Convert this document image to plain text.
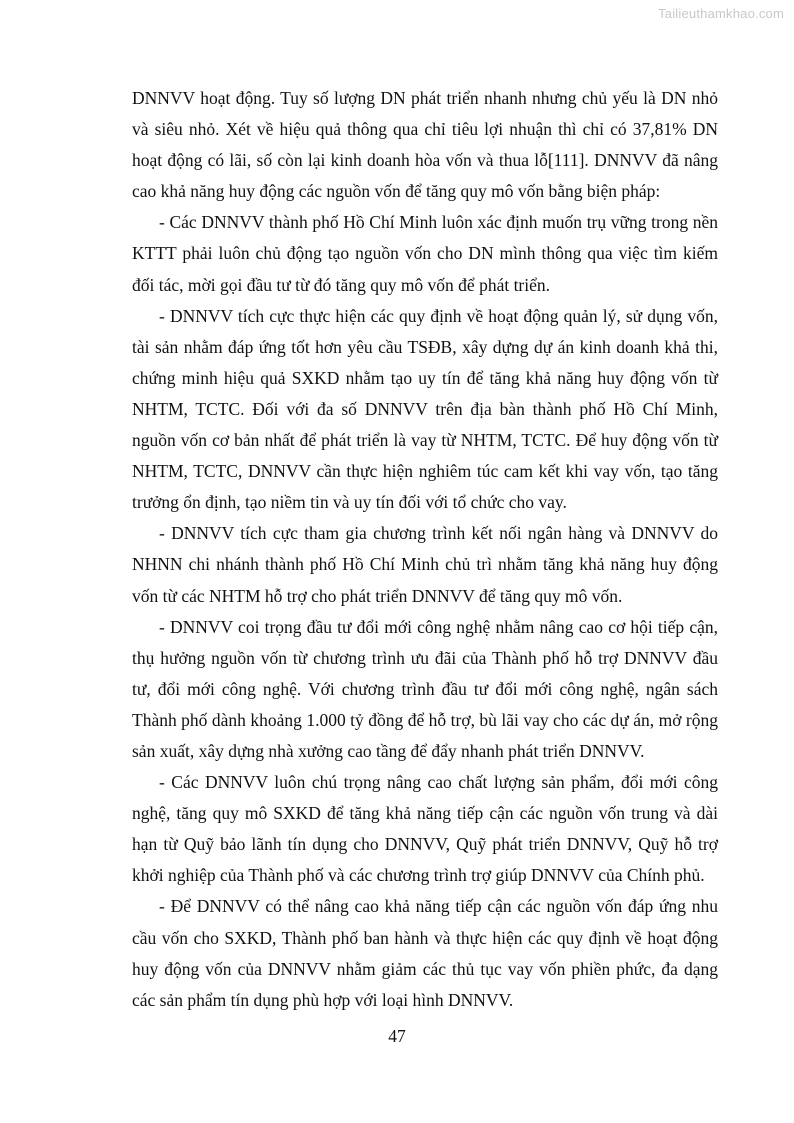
Tailieuthamkhao.com

DNNVV hoạt động. Tuy số lượng DN phát triển nhanh nhưng chủ yếu là DN nhỏ và siêu nhỏ. Xét về hiệu quả thông qua chỉ tiêu lợi nhuận thì chỉ có 37,81% DN hoạt động có lãi, số còn lại kinh doanh hòa vốn và thua lỗ[111]. DNNVV đã nâng cao khả năng huy động các nguồn vốn để tăng quy mô vốn bằng biện pháp:

- Các DNNVV thành phố Hồ Chí Minh luôn xác định muốn trụ vững trong nền KTTT phải luôn chủ động tạo nguồn vốn cho DN mình thông qua việc tìm kiếm đối tác, mời gọi đầu tư từ đó tăng quy mô vốn để phát triển.

- DNNVV tích cực thực hiện các quy định về hoạt động quản lý, sử dụng vốn, tài sản nhằm đáp ứng tốt hơn yêu cầu TSĐB, xây dựng dự án kinh doanh khả thi, chứng minh hiệu quả SXKD nhằm tạo uy tín để tăng khả năng huy động vốn từ NHTM, TCTC. Đối với đa số DNNVV trên địa bàn thành phố Hồ Chí Minh, nguồn vốn cơ bản nhất để phát triển là vay từ NHTM, TCTC. Để huy động vốn từ NHTM, TCTC, DNNVV cần thực hiện nghiêm túc cam kết khi vay vốn, tạo tăng trưởng ổn định, tạo niềm tin và uy tín đối với tổ chức cho vay.

- DNNVV tích cực tham gia chương trình kết nối ngân hàng và DNNVV do NHNN chi nhánh thành phố Hồ Chí Minh chủ trì nhằm tăng khả năng huy động vốn từ các NHTM hỗ trợ cho phát triển DNNVV để tăng quy mô vốn.

- DNNVV coi trọng đầu tư đổi mới công nghệ nhằm nâng cao cơ hội tiếp cận, thụ hưởng nguồn vốn từ chương trình ưu đãi của Thành phố hỗ trợ DNNVV đầu tư, đổi mới công nghệ. Với chương trình đầu tư đổi mới công nghệ, ngân sách Thành phố dành khoảng 1.000 tỷ đồng để hỗ trợ, bù lãi vay cho các dự án, mở rộng sản xuất, xây dựng nhà xưởng cao tầng để đẩy nhanh phát triển DNNVV.

- Các DNNVV luôn chú trọng nâng cao chất lượng sản phẩm, đổi mới công nghệ, tăng quy mô SXKD để tăng khả năng tiếp cận các nguồn vốn trung và dài hạn từ Quỹ bảo lãnh tín dụng cho DNNVV, Quỹ phát triển DNNVV, Quỹ hỗ trợ khởi nghiệp của Thành phố và các chương trình trợ giúp DNNVV của Chính phủ.

- Để DNNVV có thể nâng cao khả năng tiếp cận các nguồn vốn đáp ứng nhu cầu vốn cho SXKD, Thành phố ban hành và thực hiện các quy định về hoạt động huy động vốn của DNNVV nhằm giảm các thủ tục vay vốn phiền phức, đa dạng các sản phẩm tín dụng phù hợp với loại hình DNNVV.

47
